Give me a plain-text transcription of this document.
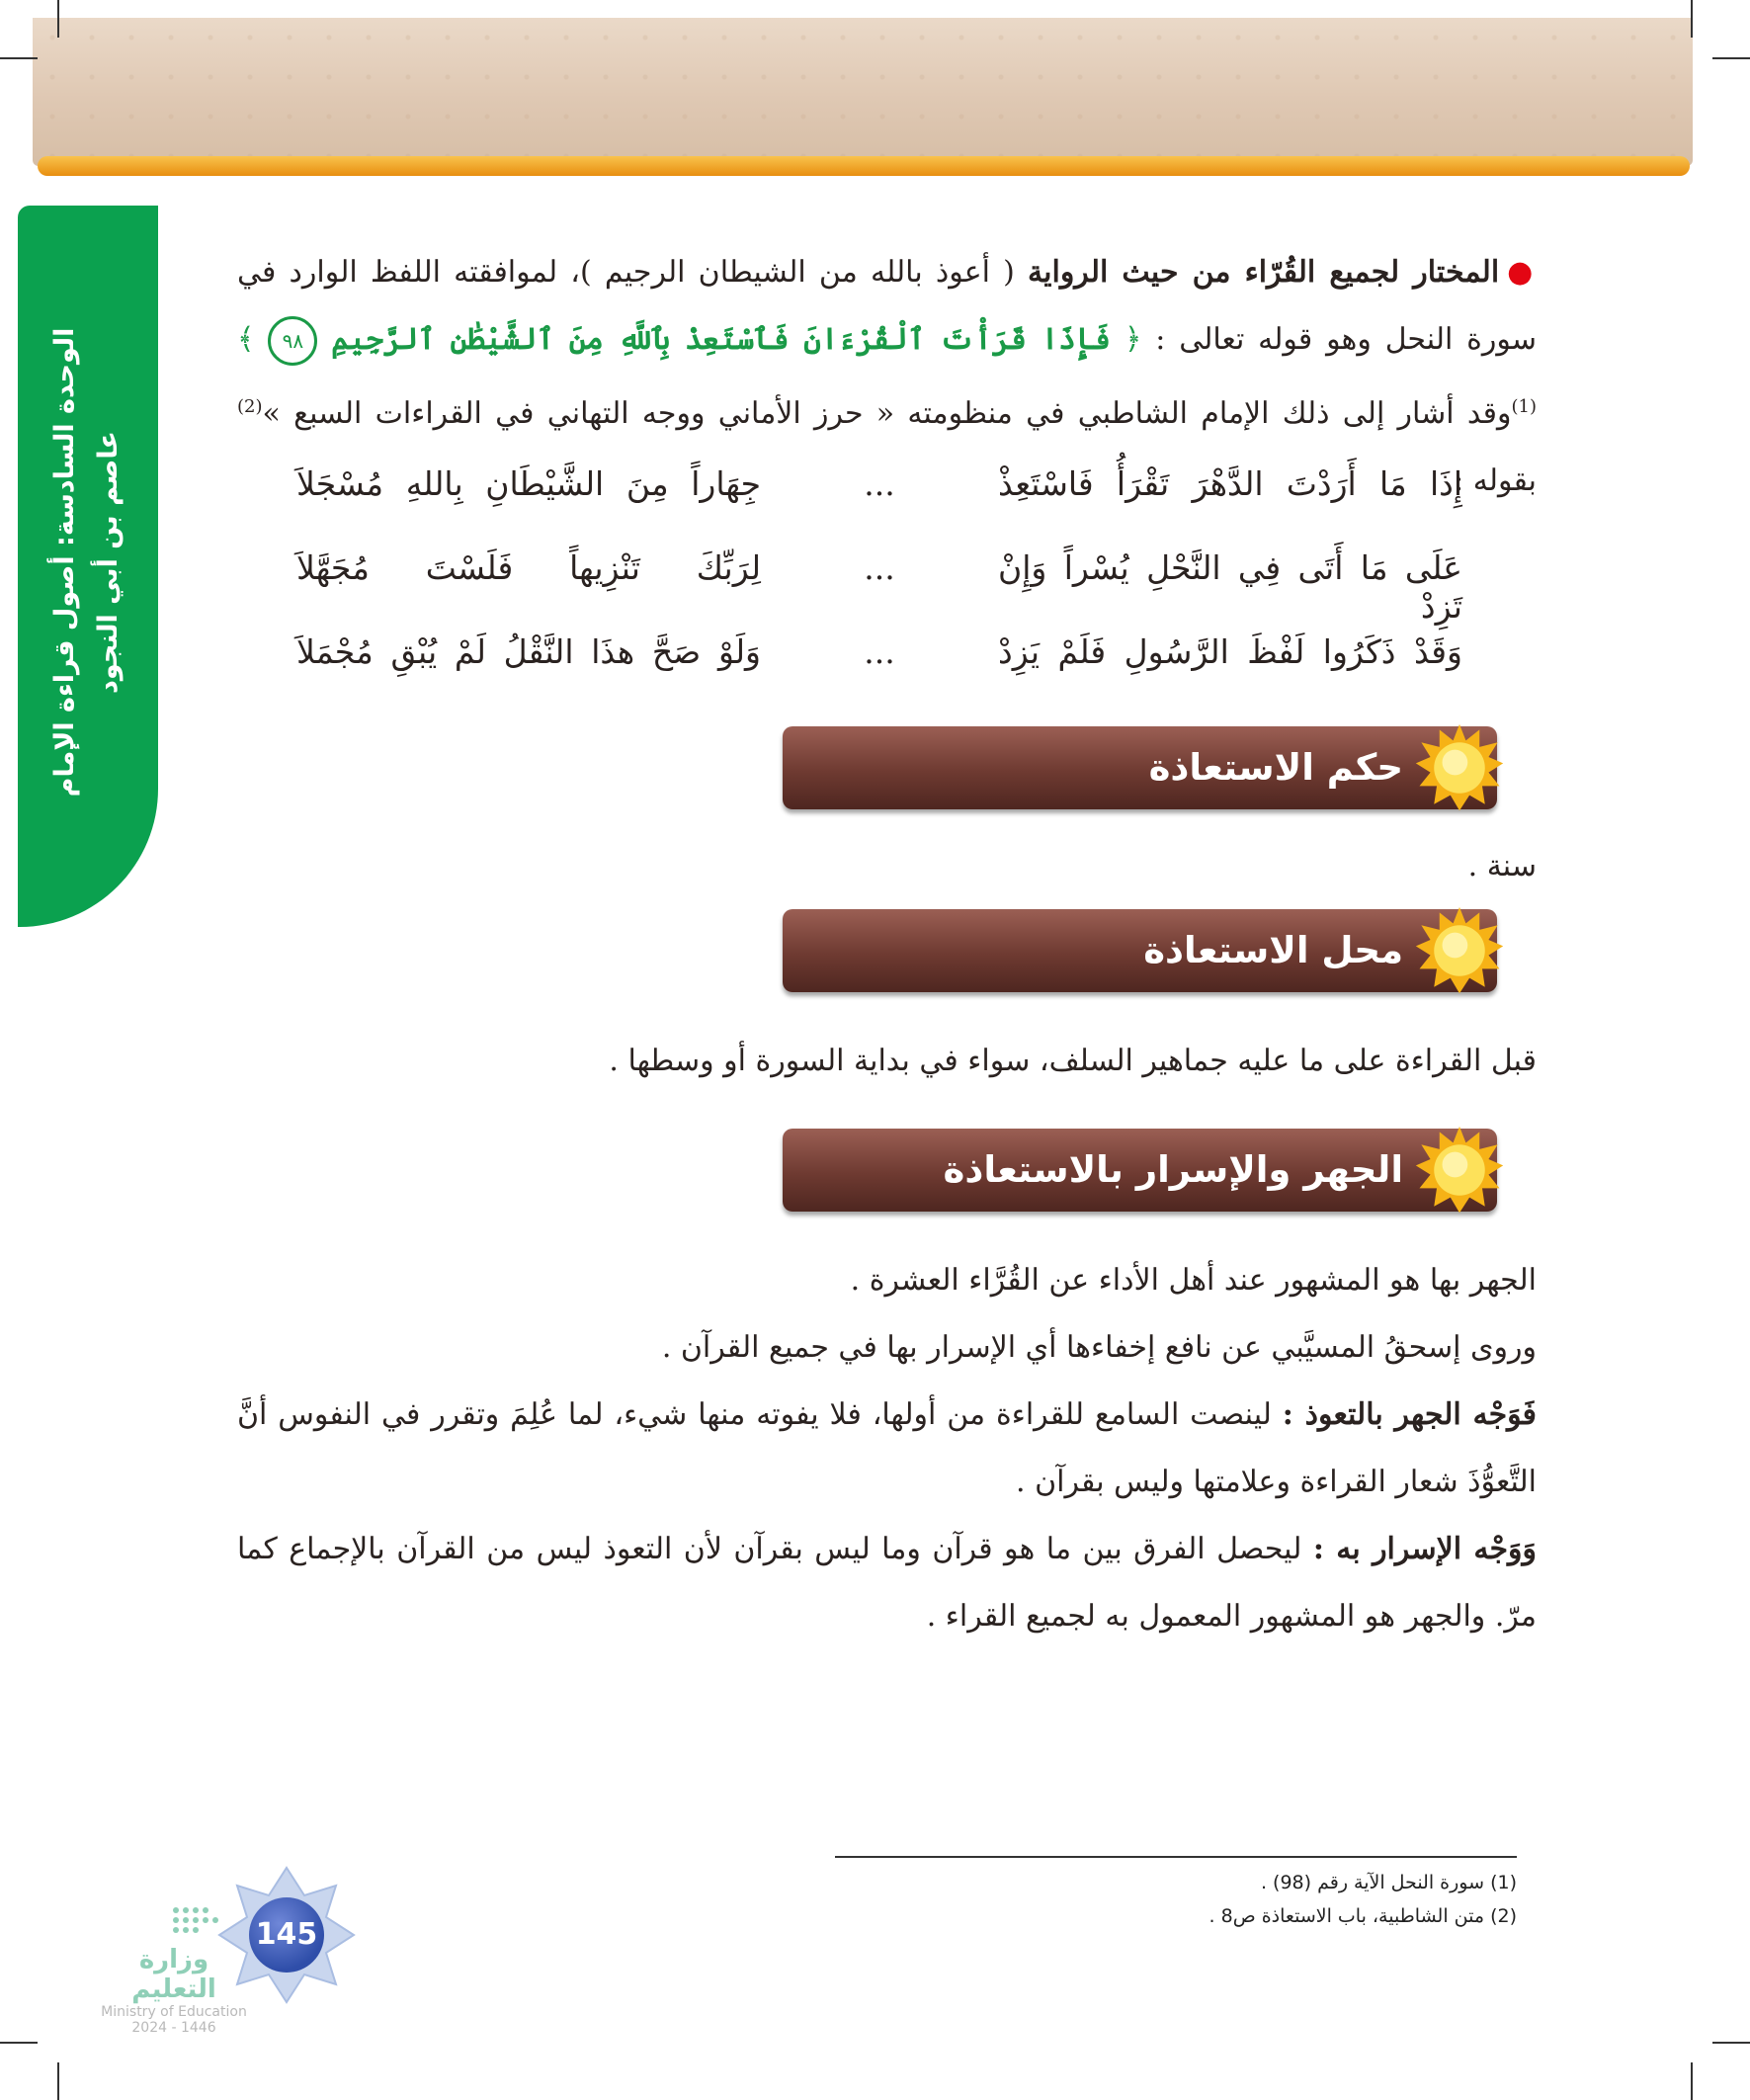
الوحدة السادسة: أصول قراءة الإمام عاصم بن أبي النجود

●المختار لجميع القُرّاء من حيث الرواية ( أعوذ بالله من الشيطان الرجيم )، لموافقته اللفظ الوارد في سورة النحل وهو قوله تعالى : ﴿ فَإِذَا قَرَأْتَ ٱلْقُرْءَانَ فَٱسْتَعِذْ بِٱللَّهِ مِنَ ٱلشَّيْطَٰنِ ٱلرَّجِيمِ ٩٨ ﴾$^{(1)}$وقد أشار إلى ذلك الإمام الشاطبي في منظومته « حرز الأماني ووجه التهاني في القراءات السبع »$^{(2)}$ بقوله :

إِذَا مَا أَرَدْتَ الدَّهْرَ تَقْرَأُ فَاسْتَعِذْ
...
جِهَاراً مِنَ الشَّيْطَانِ بِاللهِ مُسْجَلاَ
عَلَى مَا أَتَى فِي النَّحْلِ يُسْراً وَإِنْ تَزِدْ
...
لِرَبِّكَ تَنْزِيهاً فَلَسْتَ مُجَهَّلاَ
وَقَدْ ذَكَرُوا لَفْظَ الرَّسُولِ فَلَمْ يَزِدْ
...
وَلَوْ صَحَّ هذَا النَّقْلُ لَمْ يُبْقِ مُجْمَلاَ
حكم الاستعاذة

سنة .

محل الاستعاذة

قبل القراءة على ما عليه جماهير السلف، سواء في بداية السورة أو وسطها .

الجهر والإسرار بالاستعاذة

الجهر بها هو المشهور عند أهل الأداء عن القُرَّاء العشرة .

وروى إسحقُ المسيَّبي عن نافع إخفاءها أي الإسرار بها في جميع القرآن .

فَوَجْه الجهر بالتعوذ : لينصت السامع للقراءة من أولها، فلا يفوته منها شيء، لما عُلِمَ وتقرر في النفوس أنَّ التَّعوُّذَ شعار القراءة وعلامتها وليس بقرآن .

وَوَجْه الإسرار به : ليحصل الفرق بين ما هو قرآن وما ليس بقرآن لأن التعوذ ليس من القرآن بالإجماع كما مرّ. والجهر هو المشهور المعمول به لجميع القراء .

(1) سورة النحل الآية رقم (98) .
(2) متن الشاطبية، باب الاستعاذة ص8 .
145
وزارة التعليم
Ministry of Education
2024 - 1446
